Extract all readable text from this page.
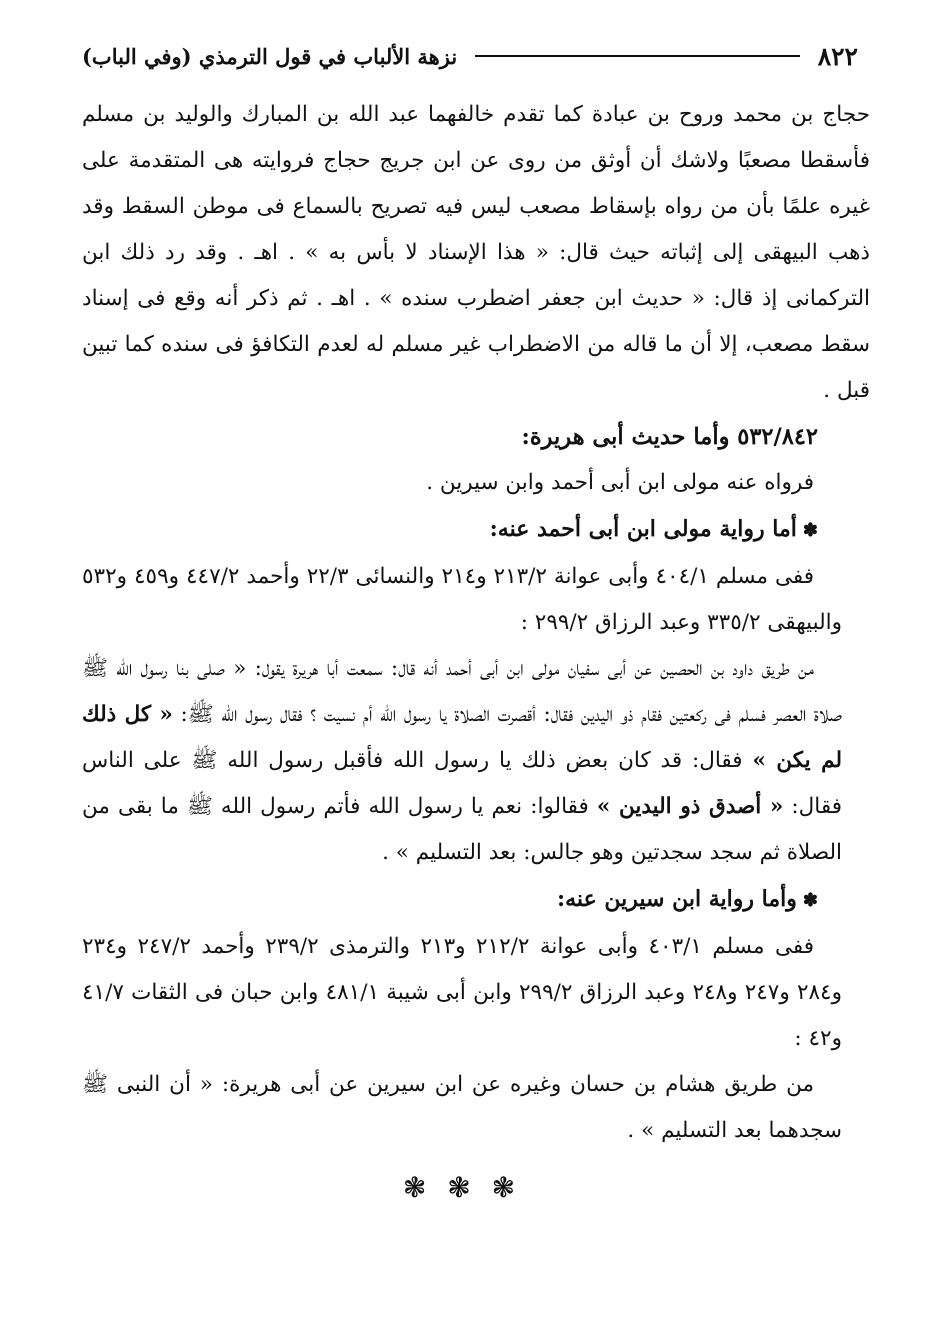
٨٢٢
نزهة الألباب في قول الترمذي (وفي الباب)

حجاج بن محمد وروح بن عبادة كما تقدم خالفهما عبد الله بن المبارك والوليد بن مسلم فأسقطا مصعبًا ولاشك أن أوثق من روى عن ابن جريج حجاج فروايته هى المتقدمة على غيره علمًا بأن من رواه بإسقاط مصعب ليس فيه تصريح بالسماع فى موطن السقط وقد ذهب البيهقى إلى إثباته حيث قال: « هذا الإسناد لا بأس به » . اهـ . وقد رد ذلك ابن التركمانى إذ قال: « حديث ابن جعفر اضطرب سنده » . اهـ . ثم ذكر أنه وقع فى إسناد سقط مصعب، إلا أن ما قاله من الاضطراب غير مسلم له لعدم التكافؤ فى سنده كما تبين قبل .

٥٣٢/٨٤٢ وأما حديث أبى هريرة:

فرواه عنه مولى ابن أبى أحمد وابن سيرين .

✽أما رواية مولى ابن أبى أحمد عنه:

ففى مسلم ٤٠٤/١ وأبى عوانة ٢١٣/٢ و٢١٤ والنسائى ٢٢/٣ وأحمد ٤٤٧/٢ و٤٥٩ و٥٣٢ والبيهقى ٣٣٥/٢ وعبد الرزاق ٢٩٩/٢ :

من طريق داود بن الحصين عن أبى سفيان مولى ابن أبى أحمد أنه قال: سمعت أبا هريرة يقول: « صلى بنا رسول الله ﷺ صلاة العصر فسلم فى ركعتين فقام ذو اليدين فقال: أقصرت الصلاة يا رسول الله أم نسيت ؟ فقال رسول الله ﷺ: « كل ذلك لم يكن » فقال: قد كان بعض ذلك يا رسول الله فأقبل رسول الله ﷺ على الناس فقال: « أصدق ذو اليدين » فقالوا: نعم يا رسول الله فأتم رسول الله ﷺ ما بقى من الصلاة ثم سجد سجدتين وهو جالس: بعد التسليم » .

✽وأما رواية ابن سيرين عنه:

ففى مسلم ٤٠٣/١ وأبى عوانة ٢١٢/٢ و٢١٣ والترمذى ٢٣٩/٢ وأحمد ٢٤٧/٢ و٢٣٤ و٢٨٤ و٢٤٧ و٢٤٨ وعبد الرزاق ٢٩٩/٢ وابن أبى شيبة ٤٨١/١ وابن حبان فى الثقات ٤١/٧ و٤٢ :

من طريق هشام بن حسان وغيره عن ابن سيرين عن أبى هريرة: « أن النبى ﷺ سجدهما بعد التسليم » .

❃ ❃ ❃
